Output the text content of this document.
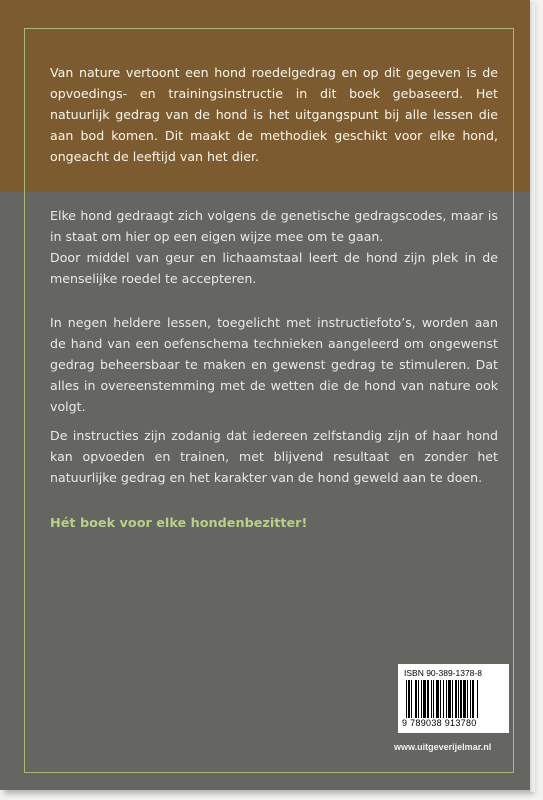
Van nature vertoont een hond roedelgedrag en op dit gegeven is de opvoedings- en trainingsinstructie in dit boek gebaseerd. Het natuurlijk gedrag van de hond is het uitgangspunt bij alle lessen die aan bod komen. Dit maakt de methodiek geschikt voor elke hond, ongeacht de leeftijd van het dier.

Elke hond gedraagt zich volgens de genetische gedragscodes, maar is in staat om hier op een eigen wijze mee om te gaan.

Door middel van geur en lichaamstaal leert de hond zijn plek in de menselijke roedel te accepteren.

In negen heldere lessen, toegelicht met instructiefoto’s, worden aan de hand van een oefenschema technieken aangeleerd om ongewenst gedrag beheersbaar te maken en gewenst gedrag te stimuleren. Dat alles in overeenstemming met de wetten die de hond van nature ook volgt.

De instructies zijn zodanig dat iedereen zelfstandig zijn of haar hond kan opvoeden en trainen, met blijvend resultaat en zonder het natuurlijke gedrag en het karakter van de hond geweld aan te doen.

Hét boek voor elke hondenbezitter!

ISBN 90-389-1378-8
9 789038 913780
www.uitgeverijelmar.nl
